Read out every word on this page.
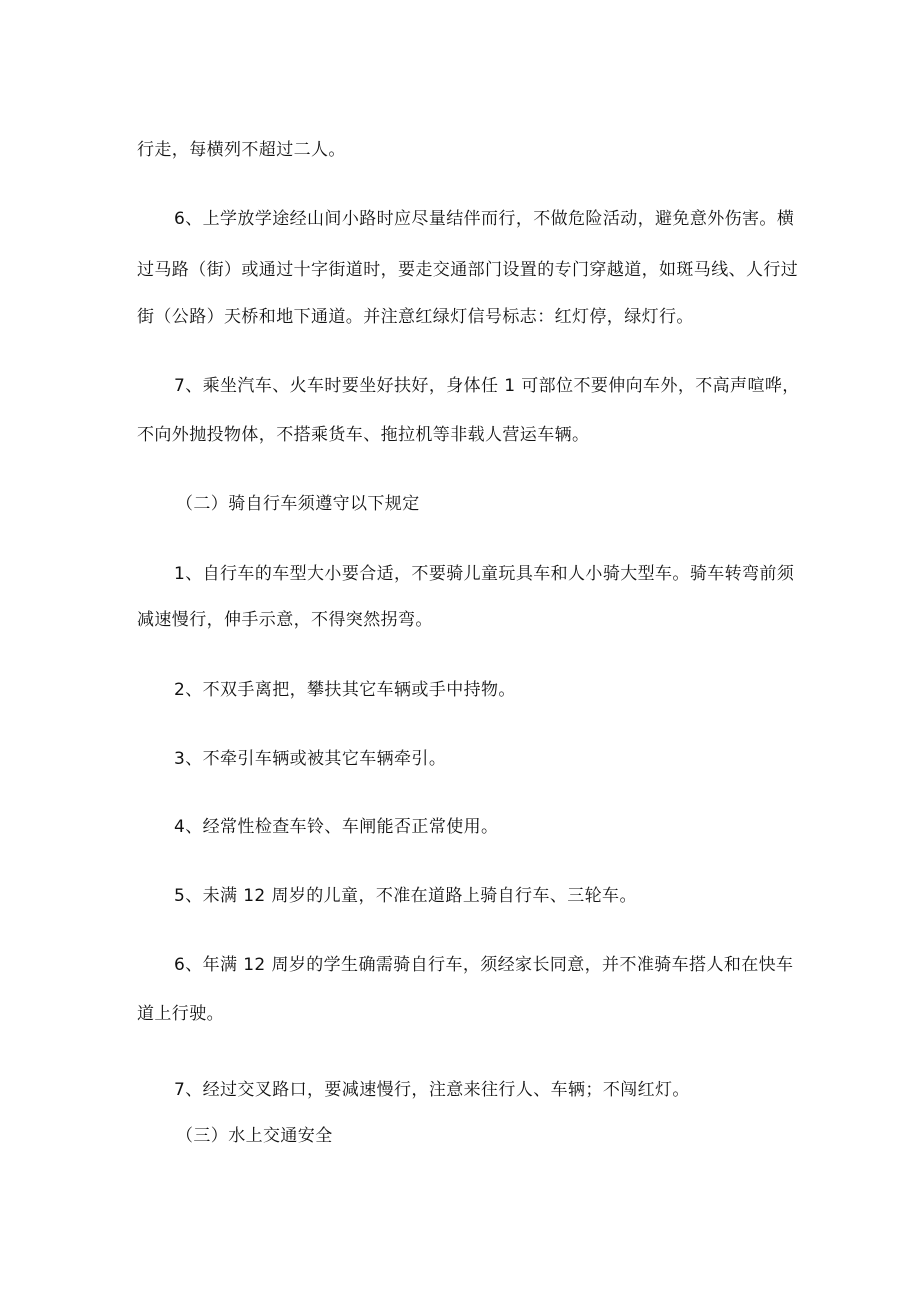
行走，每横列不超过二人。
6、上学放学途经山间小路时应尽量结伴而行，不做危险活动，避免意外伤害。横
过马路（街）或通过十字街道时，要走交通部门设置的专门穿越道，如斑马线、人行过
街（公路）天桥和地下通道。并注意红绿灯信号标志：红灯停，绿灯行。
7、乘坐汽车、火车时要坐好扶好，身体任 1 可部位不要伸向车外，不高声喧哗，
不向外抛投物体，不搭乘货车、拖拉机等非载人营运车辆。
（二）骑自行车须遵守以下规定
1、自行车的车型大小要合适，不要骑儿童玩具车和人小骑大型车。骑车转弯前须
减速慢行，伸手示意，不得突然拐弯。
2、不双手离把，攀扶其它车辆或手中持物。
3、不牵引车辆或被其它车辆牵引。
4、经常性检查车铃、车闸能否正常使用。
5、未满 12 周岁的儿童，不准在道路上骑自行车、三轮车。
6、年满 12 周岁的学生确需骑自行车，须经家长同意，并不准骑车搭人和在快车
道上行驶。
7、经过交叉路口，要减速慢行，注意来往行人、车辆；不闯红灯。
（三）水上交通安全
